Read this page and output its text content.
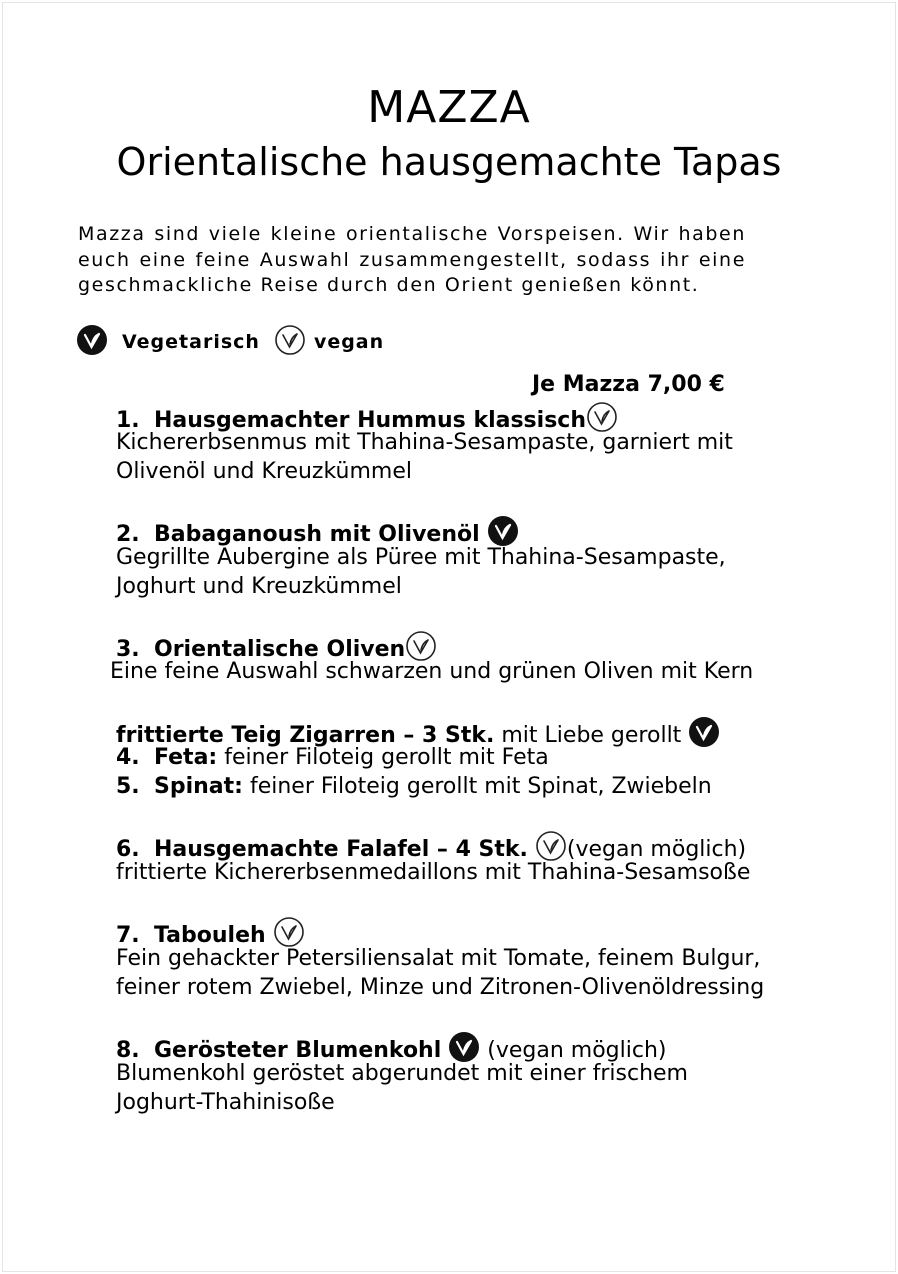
MAZZA
Orientalische hausgemachte Tapas
Mazza sind viele kleine orientalische Vorspeisen. Wir haben euch eine feine Auswahl zusammengestellt, sodass ihr eine geschmackliche Reise durch den Orient genießen könnt.
Vegetarisch	vegan
Je Mazza 7,00 €
1. Hausgemachter Hummus klassisch
Kichererbsenmus mit Thahina-Sesampaste, garniert mit
Olivenöl und Kreuzkümmel
2. Babaganoush mit Olivenöl
Gegrillte Aubergine als Püree mit Thahina-Sesampaste,
Joghurt und Kreuzkümmel
3. Orientalische Oliven
Eine feine Auswahl schwarzen und grünen Oliven mit Kern
frittierte Teig Zigarren – 3 Stk. mit Liebe gerollt
4. Feta: feiner Filoteig gerollt mit Feta
5. Spinat: feiner Filoteig gerollt mit Spinat, Zwiebeln
6. Hausgemachte Falafel – 4 Stk. (vegan möglich)
frittierte Kichererbsenmedaillons mit Thahina-Sesamsoße
7. Tabouleh
Fein gehackter Petersiliensalat mit Tomate, feinem Bulgur,
feiner rotem Zwiebel, Minze und Zitronen-Olivenöldressing
8. Gerösteter Blumenkohl (vegan möglich)
Blumenkohl geröstet abgerundet mit einer frischem
Joghurt-Thahinisoße
